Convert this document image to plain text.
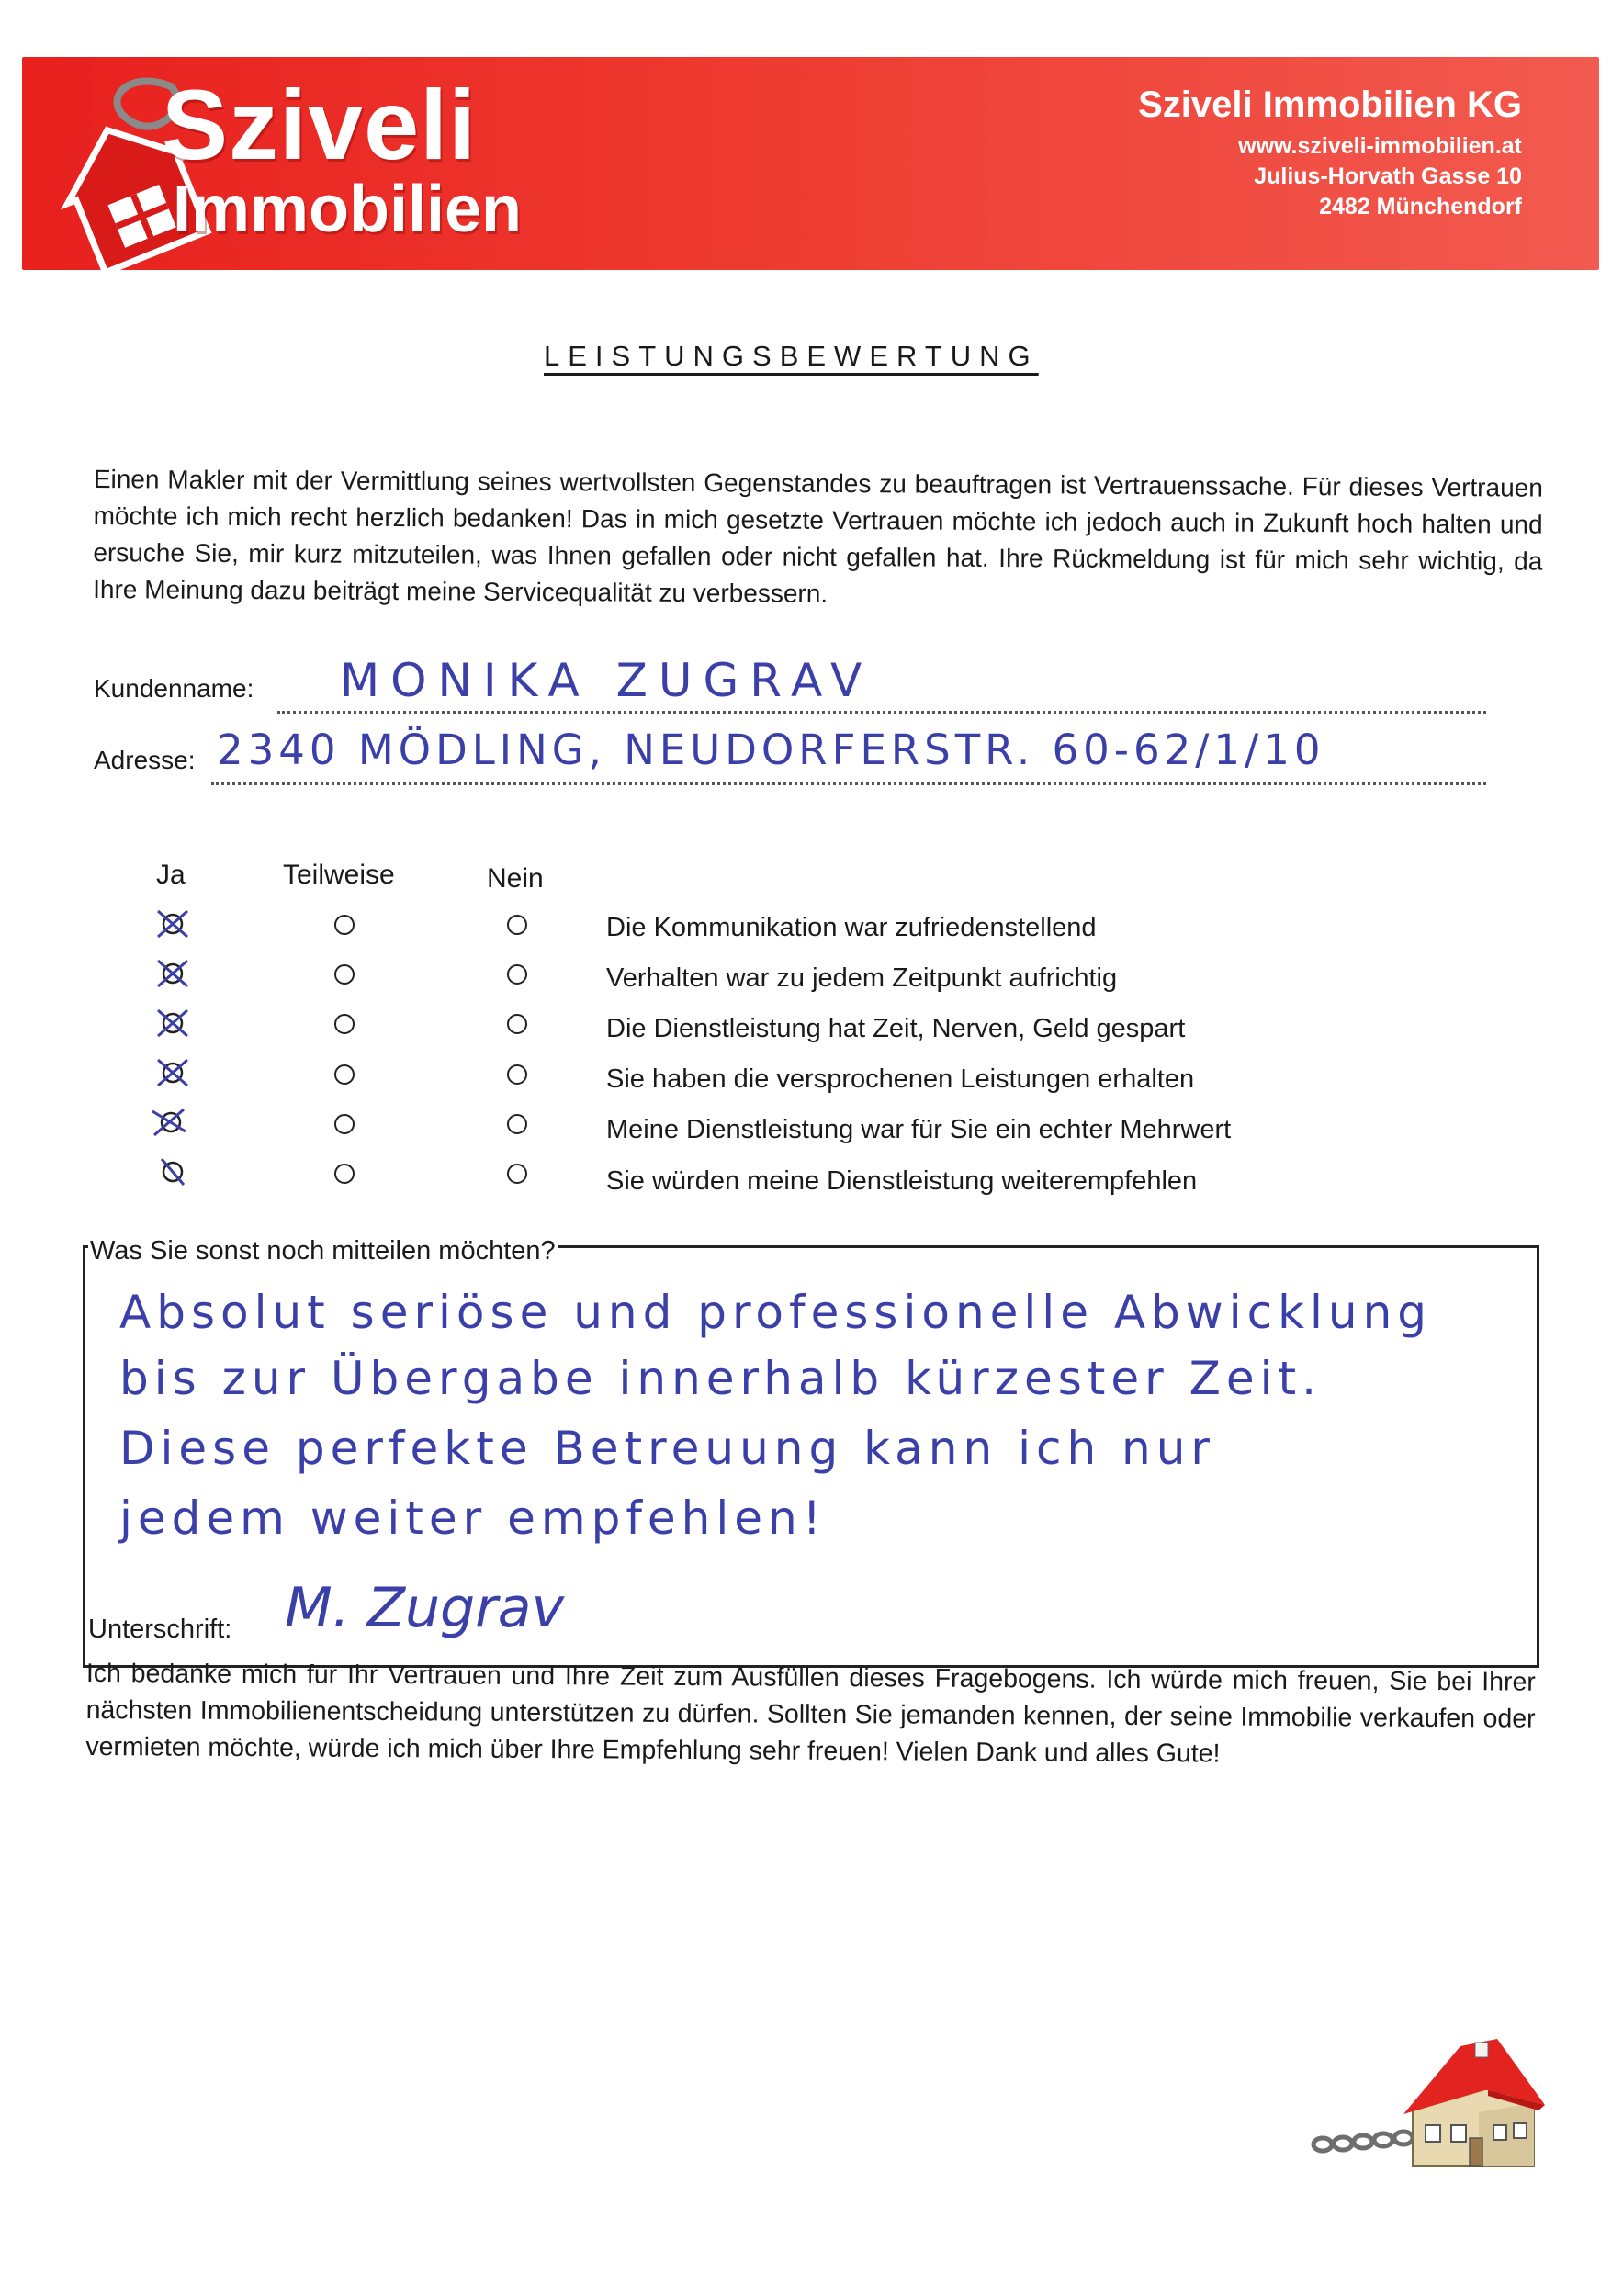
Sziveli
Immobilien
Sziveli Immobilien KG
www.sziveli-immobilien.at
Julius-Horvath Gasse 10
2482 Münchendorf
LEISTUNGSBEWERTUNG
Einen Makler mit der Vermittlung seines wertvollsten Gegenstandes zu beauftragen ist Vertrauenssache. Für dieses Vertrauen möchte ich mich recht herzlich bedanken! Das in mich gesetzte Vertrauen möchte ich jedoch auch in Zukunft hoch halten und ersuche Sie, mir kurz mitzuteilen, was Ihnen gefallen oder nicht gefallen hat. Ihre Rückmeldung ist für mich sehr wichtig, da Ihre Meinung dazu beiträgt meine Servicequalität zu verbessern.
Kundenname: MONIKA ZUGRAV
Adresse: 2340 MÖDLING, NEUDORFERSTR. 60-62/1/10
Ja	Teilweise	Nein
Die Kommunikation war zufriedenstellend
Verhalten war zu jedem Zeitpunkt aufrichtig
Die Dienstleistung hat Zeit, Nerven, Geld gespart
Sie haben die versprochenen Leistungen erhalten
Meine Dienstleistung war für Sie ein echter Mehrwert
Sie würden meine Dienstleistung weiterempfehlen
Was Sie sonst noch mitteilen möchten?
Absolut seriöse und professionelle Abwicklung
bis zur Übergabe innerhalb kürzester Zeit.
Diese perfekte Betreuung kann ich nur
jedem weiter empfehlen!
Unterschrift: M. Zugrav
Ich bedanke mich für Ihr Vertrauen und Ihre Zeit zum Ausfüllen dieses Fragebogens. Ich würde mich freuen, Sie bei Ihrer nächsten Immobilienentscheidung unterstützen zu dürfen. Sollten Sie jemanden kennen, der seine Immobilie verkaufen oder vermieten möchte, würde ich mich über Ihre Empfehlung sehr freuen! Vielen Dank und alles Gute!
